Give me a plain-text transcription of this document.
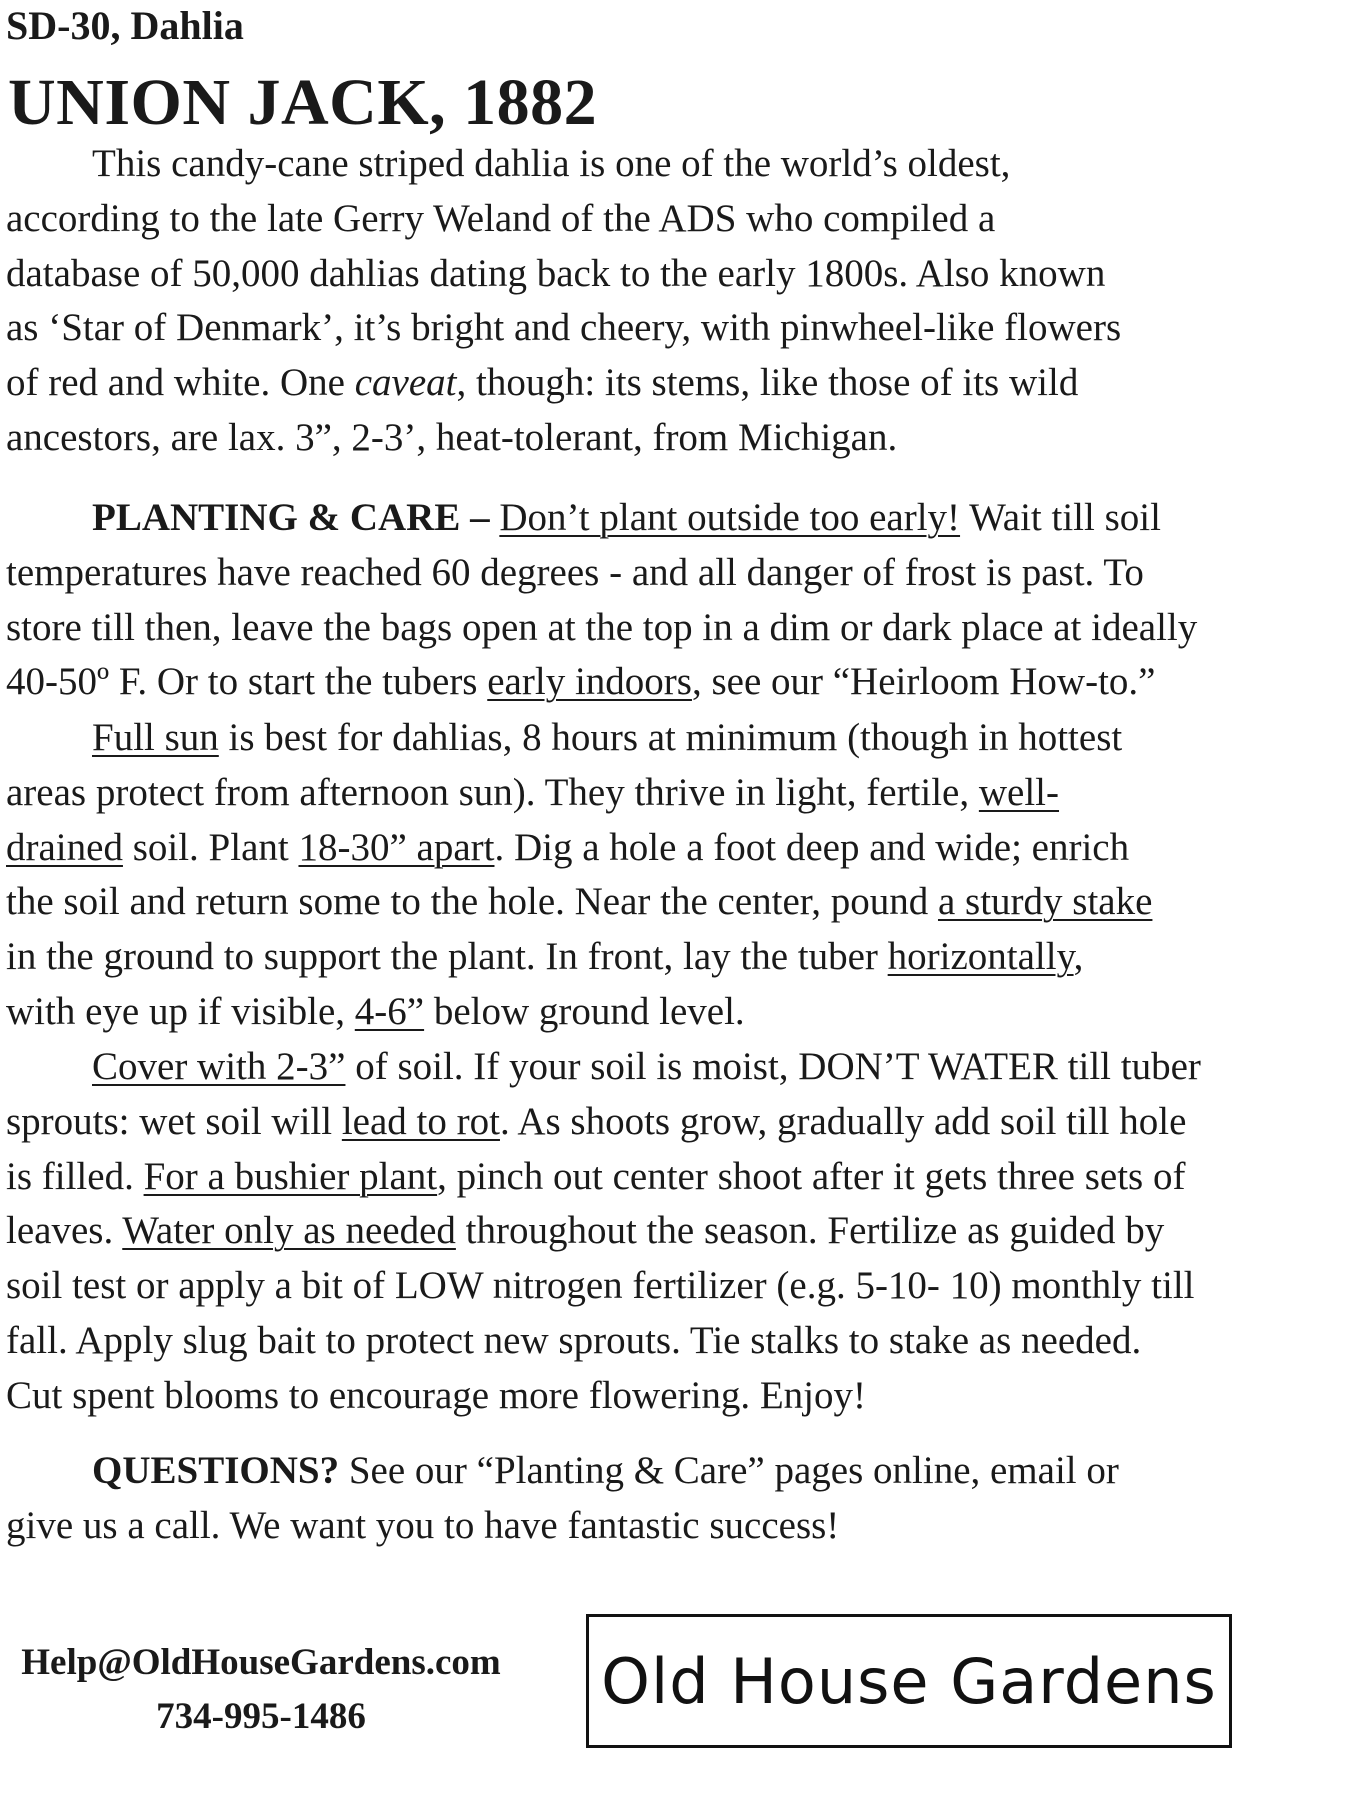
SD-30, Dahlia
UNION JACK, 1882
This candy-cane striped dahlia is one of the world’s oldest,
according to the late Gerry Weland of the ADS who compiled a
database of 50,000 dahlias dating back to the early 1800s. Also known
as ‘Star of Denmark’, it’s bright and cheery, with pinwheel-like flowers
of red and white. One caveat, though: its stems, like those of its wild
ancestors, are lax. 3”, 2-3’, heat-tolerant, from Michigan.
PLANTING & CARE – Don’t plant outside too early! Wait till soil
temperatures have reached 60 degrees - and all danger of frost is past. To
store till then, leave the bags open at the top in a dim or dark place at ideally
40-50º F. Or to start the tubers early indoors, see our “Heirloom How-to.”
Full sun is best for dahlias, 8 hours at minimum (though in hottest
areas protect from afternoon sun). They thrive in light, fertile, well-
drained soil. Plant 18-30” apart. Dig a hole a foot deep and wide; enrich
the soil and return some to the hole. Near the center, pound a sturdy stake
in the ground to support the plant. In front, lay the tuber horizontally,
with eye up if visible, 4-6” below ground level.
Cover with 2-3” of soil. If your soil is moist, DON’T WATER till tuber
sprouts: wet soil will lead to rot. As shoots grow, gradually add soil till hole
is filled. For a bushier plant, pinch out center shoot after it gets three sets of
leaves. Water only as needed throughout the season. Fertilize as guided by
soil test or apply a bit of LOW nitrogen fertilizer (e.g. 5-10- 10) monthly till
fall. Apply slug bait to protect new sprouts. Tie stalks to stake as needed.
Cut spent blooms to encourage more flowering. Enjoy!
QUESTIONS? See our “Planting & Care” pages online, email or
give us a call. We want you to have fantastic success!
Help@OldHouseGardens.com
734-995-1486	Old House Gardens
